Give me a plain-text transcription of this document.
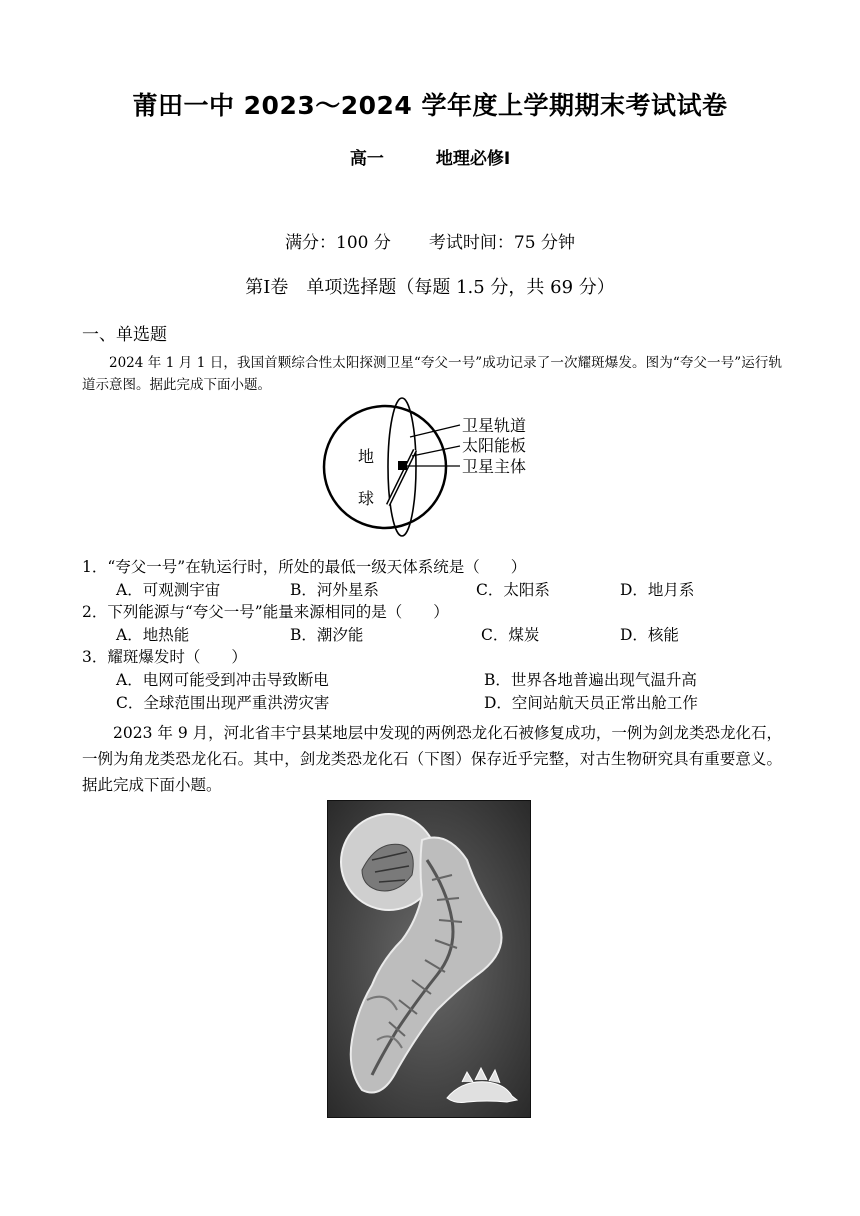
莆田一中 2023～2024 学年度上学期期末考试试卷
高一	地理必修Ⅰ
满分：100 分 考试时间：75 分钟
第Ⅰ卷　单项选择题（每题 1.5 分，共 69 分）
一、单选题

2024 年 1 月 1 日，我国首颗综合性太阳探测卫星“夸父一号”成功记录了一次耀斑爆发。图为“夸父一号”运行轨道示意图。据此完成下面小题。

地
球
卫星轨道
太阳能板
卫星主体
1．“夸父一号”在轨运行时，所处的最低一级天体系统是（　　）
A．可观测宇宙	B．河外星系	C．太阳系	D．地月系
2．下列能源与“夸父一号”能量来源相同的是（　　）
A．地热能	B．潮汐能	C．煤炭	D．核能
3．耀斑爆发时（　　）
A．电网可能受到冲击导致断电	B．世界各地普遍出现气温升高
C．全球范围出现严重洪涝灾害	D．空间站航天员正常出舱工作

2023 年 9 月，河北省丰宁县某地层中发现的两例恐龙化石被修复成功，一例为剑龙类恐龙化石，一例为角龙类恐龙化石。其中，剑龙类恐龙化石（下图）保存近乎完整，对古生物研究具有重要意义。据此完成下面小题。
